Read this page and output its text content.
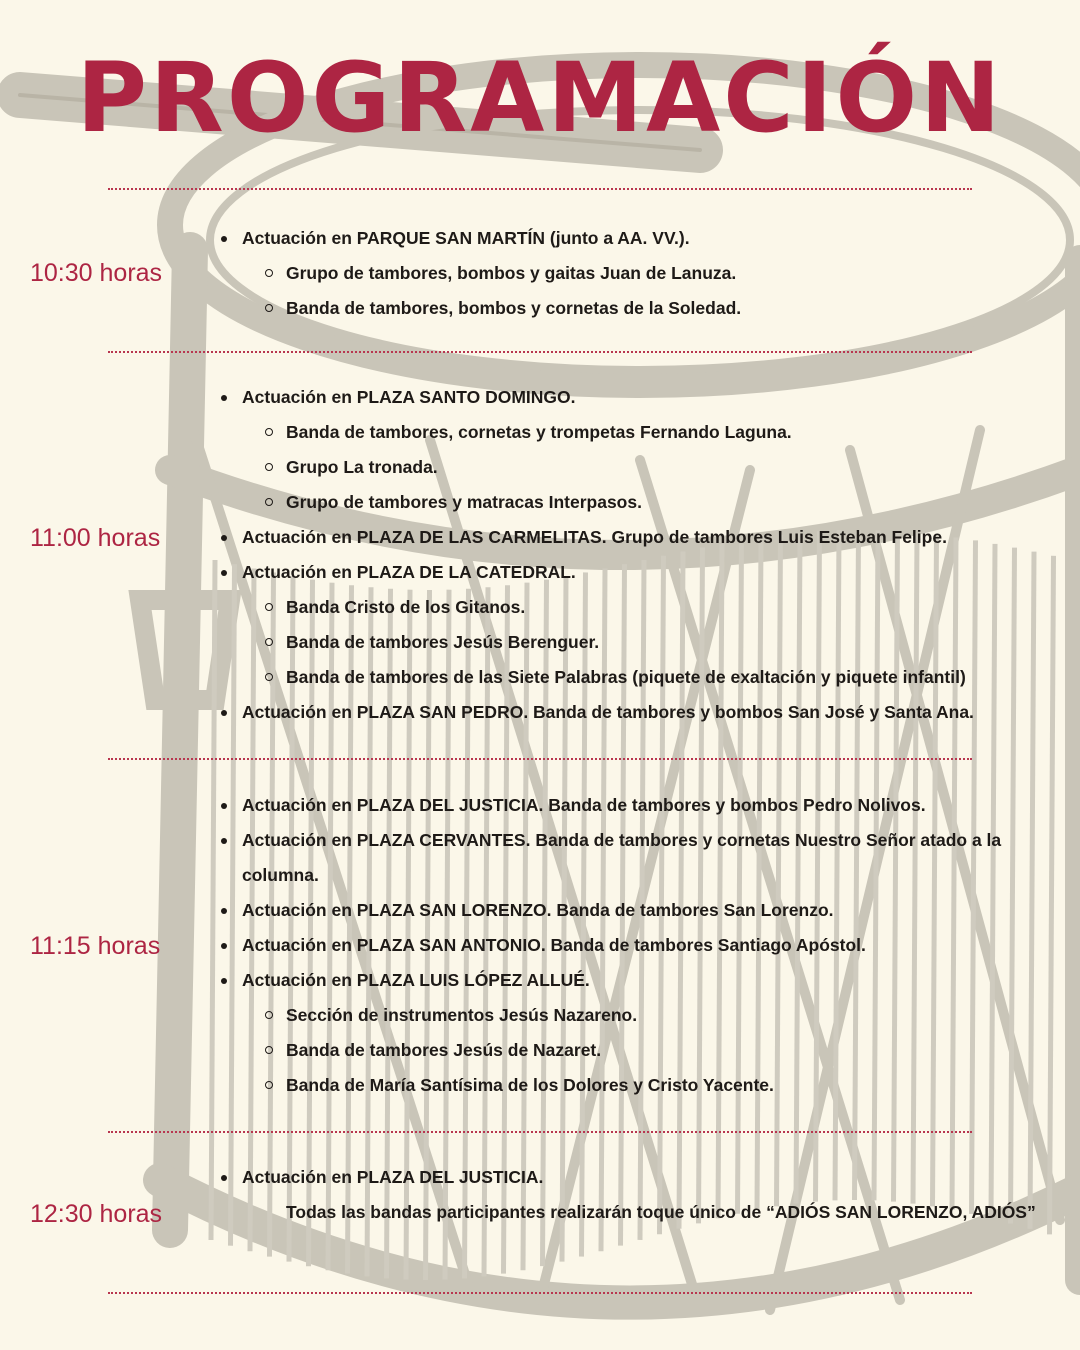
PROGRAMACIÓN
10:30 horas
Actuación en PARQUE SAN MARTÍN (junto a AA. VV.).
Grupo de tambores, bombos y gaitas Juan de Lanuza.
Banda de tambores, bombos y cornetas de la Soledad.
11:00 horas
Actuación en PLAZA SANTO DOMINGO.
Banda de tambores, cornetas y trompetas Fernando Laguna.
Grupo La tronada.
Grupo de tambores y matracas Interpasos.
Actuación en PLAZA DE LAS CARMELITAS. Grupo de tambores Luis Esteban Felipe.
Actuación en PLAZA DE LA CATEDRAL.
Banda Cristo de los Gitanos.
Banda de tambores Jesús Berenguer.
Banda de tambores de las Siete Palabras (piquete de exaltación y piquete infantil)
Actuación en PLAZA SAN PEDRO. Banda de tambores y bombos San José y Santa Ana.
11:15 horas
Actuación en PLAZA DEL JUSTICIA. Banda de tambores y bombos Pedro Nolivos.
Actuación en PLAZA CERVANTES. Banda de tambores y cornetas Nuestro Señor atado a la columna.
Actuación en PLAZA SAN LORENZO. Banda de tambores San Lorenzo.
Actuación en PLAZA SAN ANTONIO. Banda de tambores Santiago Apóstol.
Actuación en PLAZA LUIS LÓPEZ ALLUÉ.
Sección de instrumentos Jesús Nazareno.
Banda de tambores Jesús de Nazaret.
Banda de María Santísima de los Dolores y Cristo Yacente.
12:30 horas
Actuación en PLAZA DEL JUSTICIA.
Todas las bandas participantes realizarán toque único de “ADIÓS SAN LORENZO, ADIÓS”
